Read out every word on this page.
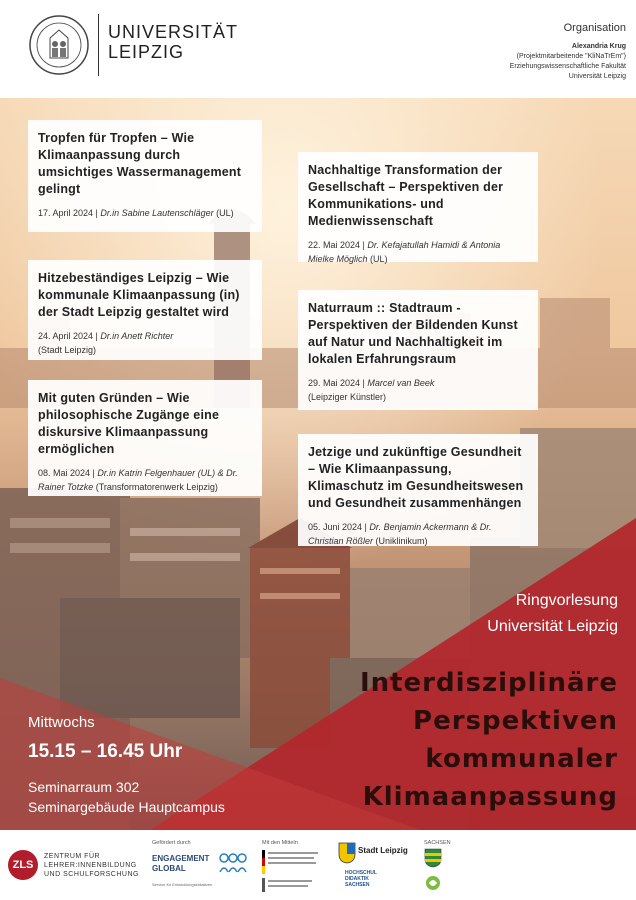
UNIVERSITÄT
LEIPZIG
Organisation
Alexandria Krug
(Projektmitarbeitende "KliNaTrEm")
Erziehungswissenschaftliche Fakultät
Universität Leipzig
Tropfen für Tropfen – Wie Klimaanpassung durch umsichtiges Wassermanagement gelingt
17. April 2024 | Dr.in Sabine Lautenschläger (UL)
Hitzebeständiges Leipzig – Wie kommunale Klimaanpassung (in) der Stadt Leipzig gestaltet wird
24. April 2024 | Dr.in Anett Richter
(Stadt Leipzig)
Mit guten Gründen – Wie philosophische Zugänge eine diskursive Klimaanpassung ermöglichen
08. Mai 2024 | Dr.in Katrin Felgenhauer (UL) & Dr. Rainer Totzke (Transformatorenwerk Leipzig)
Nachhaltige Transformation der Gesellschaft – Perspektiven der Kommunikations- und Medienwissenschaft
22. Mai 2024 | Dr. Kefajatullah Hamidi & Antonia Mielke Möglich (UL)
Naturraum :: Stadtraum - Perspektiven der Bildenden Kunst auf Natur und Nachhaltigkeit im lokalen Erfahrungsraum
29. Mai 2024 | Marcel van Beek
(Leipziger Künstler)
Jetzige und zukünftige Gesundheit – Wie Klimaanpassung, Klimaschutz im Gesundheitswesen und Gesundheit zusammenhängen
05. Juni 2024 | Dr. Benjamin Ackermann & Dr. Christian Rößler (Uniklinikum)
Ringvorlesung
Universität Leipzig
Interdisziplinäre
Perspektiven
kommunaler
Klimaanpassung
Mittwochs
15.15 – 16.45 Uhr
Seminarraum 302
Seminargebäude Hauptcampus
ZLS
ZENTRUM FÜR
LEHRER:INNENBILDUNG
UND SCHULFORSCHUNG
Gefördert durch
ENGAGEMENT
GLOBAL
Service für Entwicklungsinitiativen
Mit den Mitteln
Stadt Leipzig
HOCHSCHUL
DIDAKTIK
SACHSEN
SACHSEN
